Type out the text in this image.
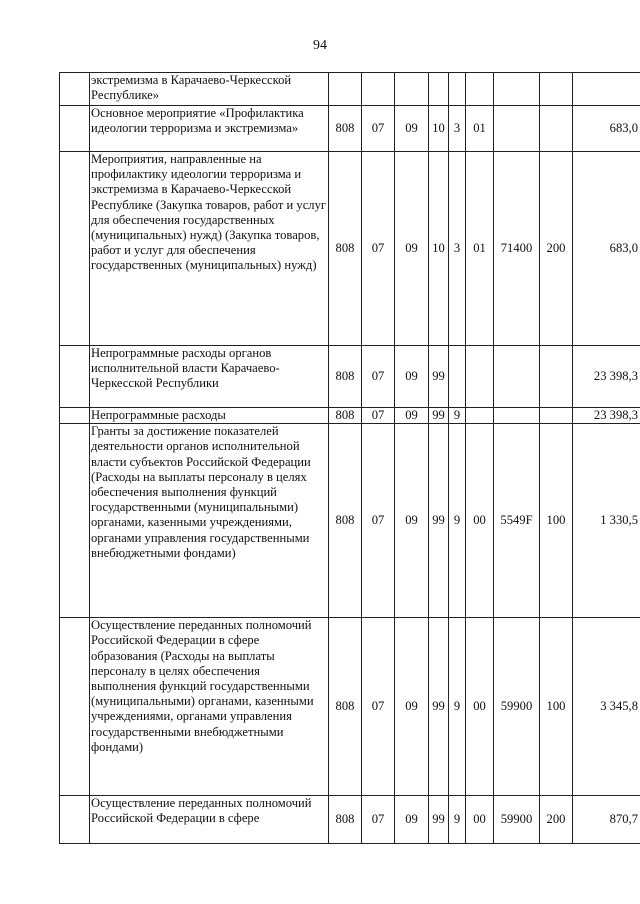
94
	экстремизма в Карачаево-Черкесской Республике»									
	Основное мероприятие «Профилактика идеологии терроризма и экстремизма»	808	07	09	10	3	01			683,0
	Мероприятия, направленные на профилактику идеологии терроризма и экстремизма в Карачаево-Черкесской Республике (Закупка товаров, работ и услуг для обеспечения государственных (муниципальных) нужд) (Закупка товаров, работ и услуг для обеспечения государственных (муниципальных) нужд)	808	07	09	10	3	01	71400	200	683,0
	Непрограммные расходы органов исполнительной власти Карачаево-Черкесской Республики	808	07	09	99					23 398,3
	Непрограммные расходы	808	07	09	99	9				23 398,3
	Гранты за достижение показателей деятельности органов исполнительной власти субъектов Российской Федерации (Расходы на выплаты персоналу в целях обеспечения выполнения функций государственными (муниципальными) органами, казенными учреждениями, органами управления государственными внебюджетными фондами)	808	07	09	99	9	00	5549F	100	1 330,5
	Осуществление переданных полномочий Российской Федерации в сфере образования (Расходы на выплаты персоналу в целях обеспечения выполнения функций государственными (муниципальными) органами, казенными учреждениями, органами управления государственными внебюджетными фондами)	808	07	09	99	9	00	59900	100	3 345,8
	Осуществление переданных полномочий Российской Федерации в сфере	808	07	09	99	9	00	59900	200	870,7
